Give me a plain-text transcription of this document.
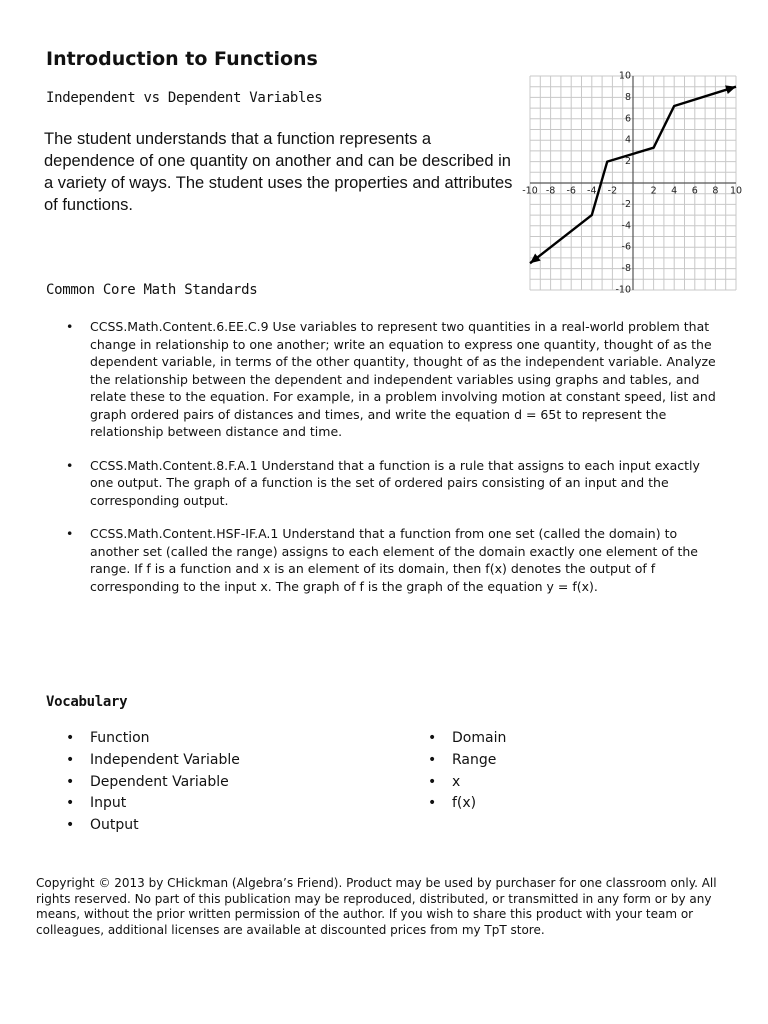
Introduction to Functions

Independent vs Dependent Variables

The student understands that a function represents a dependence of one quantity on another and can be described in a variety of ways. The student uses the properties and attributes of functions.

-10 -8 -6 -4 -2	2 4 6 8 10
10
8
6
4
2
-2
-4
-6
-8
-10

Common Core Math Standards

• CCSS.Math.Content.6.EE.C.9 Use variables to represent two quantities in a real-world problem that change in relationship to one another; write an equation to express one quantity, thought of as the dependent variable, in terms of the other quantity, thought of as the independent variable. Analyze the relationship between the dependent and independent variables using graphs and tables, and relate these to the equation. For example, in a problem involving motion at constant speed, list and graph ordered pairs of distances and times, and write the equation d = 65t to represent the relationship between distance and time.
• CCSS.Math.Content.8.F.A.1 Understand that a function is a rule that assigns to each input exactly one output. The graph of a function is the set of ordered pairs consisting of an input and the corresponding output.
• CCSS.Math.Content.HSF-IF.A.1 Understand that a function from one set (called the domain) to another set (called the range) assigns to each element of the domain exactly one element of the range. If f is a function and x is an element of its domain, then f(x) denotes the output of f corresponding to the input x. The graph of f is the graph of the equation y = f(x).

Vocabulary

• Function
• Independent Variable
• Dependent Variable
• Input
• Output
• Domain
• Range
• x
• f(x)

Copyright © 2013 by CHickman (Algebra’s Friend). Product may be used by purchaser for one classroom only. All rights reserved. No part of this publication may be reproduced, distributed, or transmitted in any form or by any means, without the prior written permission of the author. If you wish to share this product with your team or colleagues, additional licenses are available at discounted prices from my TpT store.
